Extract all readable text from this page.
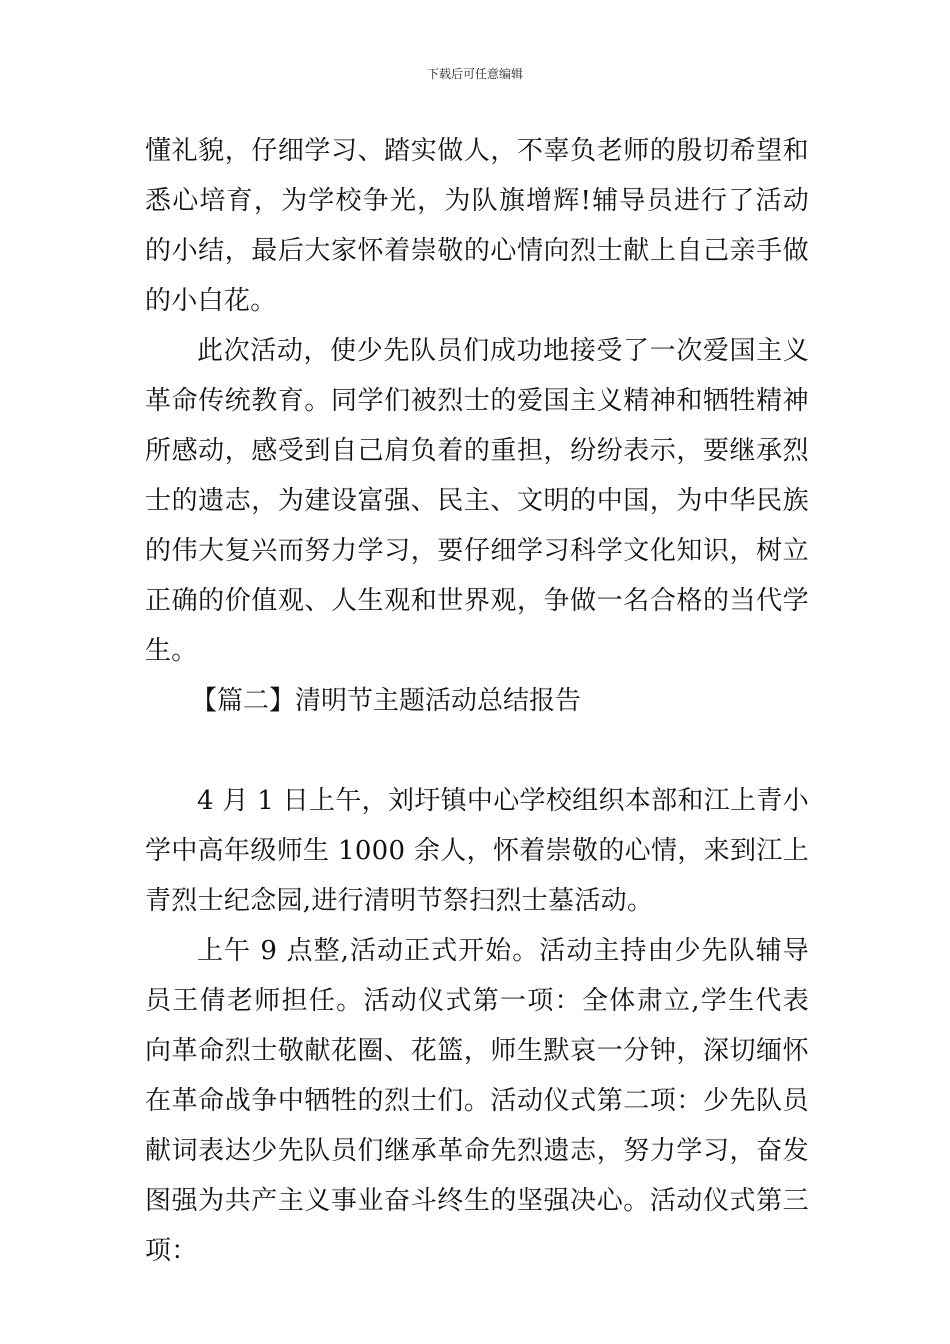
下载后可任意编辑

懂礼貌，仔细学习、踏实做人，不辜负老师的殷切希望和悉心培育，为学校争光，为队旗增辉!辅导员进行了活动的小结，最后大家怀着崇敬的心情向烈士献上自己亲手做的小白花。

此次活动，使少先队员们成功地接受了一次爱国主义革命传统教育。同学们被烈士的爱国主义精神和牺牲精神所感动，感受到自己肩负着的重担，纷纷表示，要继承烈士的遗志，为建设富强、民主、文明的中国，为中华民族的伟大复兴而努力学习，要仔细学习科学文化知识，树立正确的价值观、人生观和世界观，争做一名合格的当代学生。

【篇二】清明节主题活动总结报告

4 月 1 日上午，刘圩镇中心学校组织本部和江上青小学中高年级师生 1000 余人，怀着崇敬的心情，来到江上青烈士纪念园,进行清明节祭扫烈士墓活动。

上午 9 点整,活动正式开始。活动主持由少先队辅导员王倩老师担任。活动仪式第一项：全体肃立,学生代表向革命烈士敬献花圈、花篮，师生默哀一分钟，深切缅怀在革命战争中牺牲的烈士们。活动仪式第二项：少先队员献词表达少先队员们继承革命先烈遗志，努力学习，奋发图强为共产主义事业奋斗终生的坚强决心。活动仪式第三项：
